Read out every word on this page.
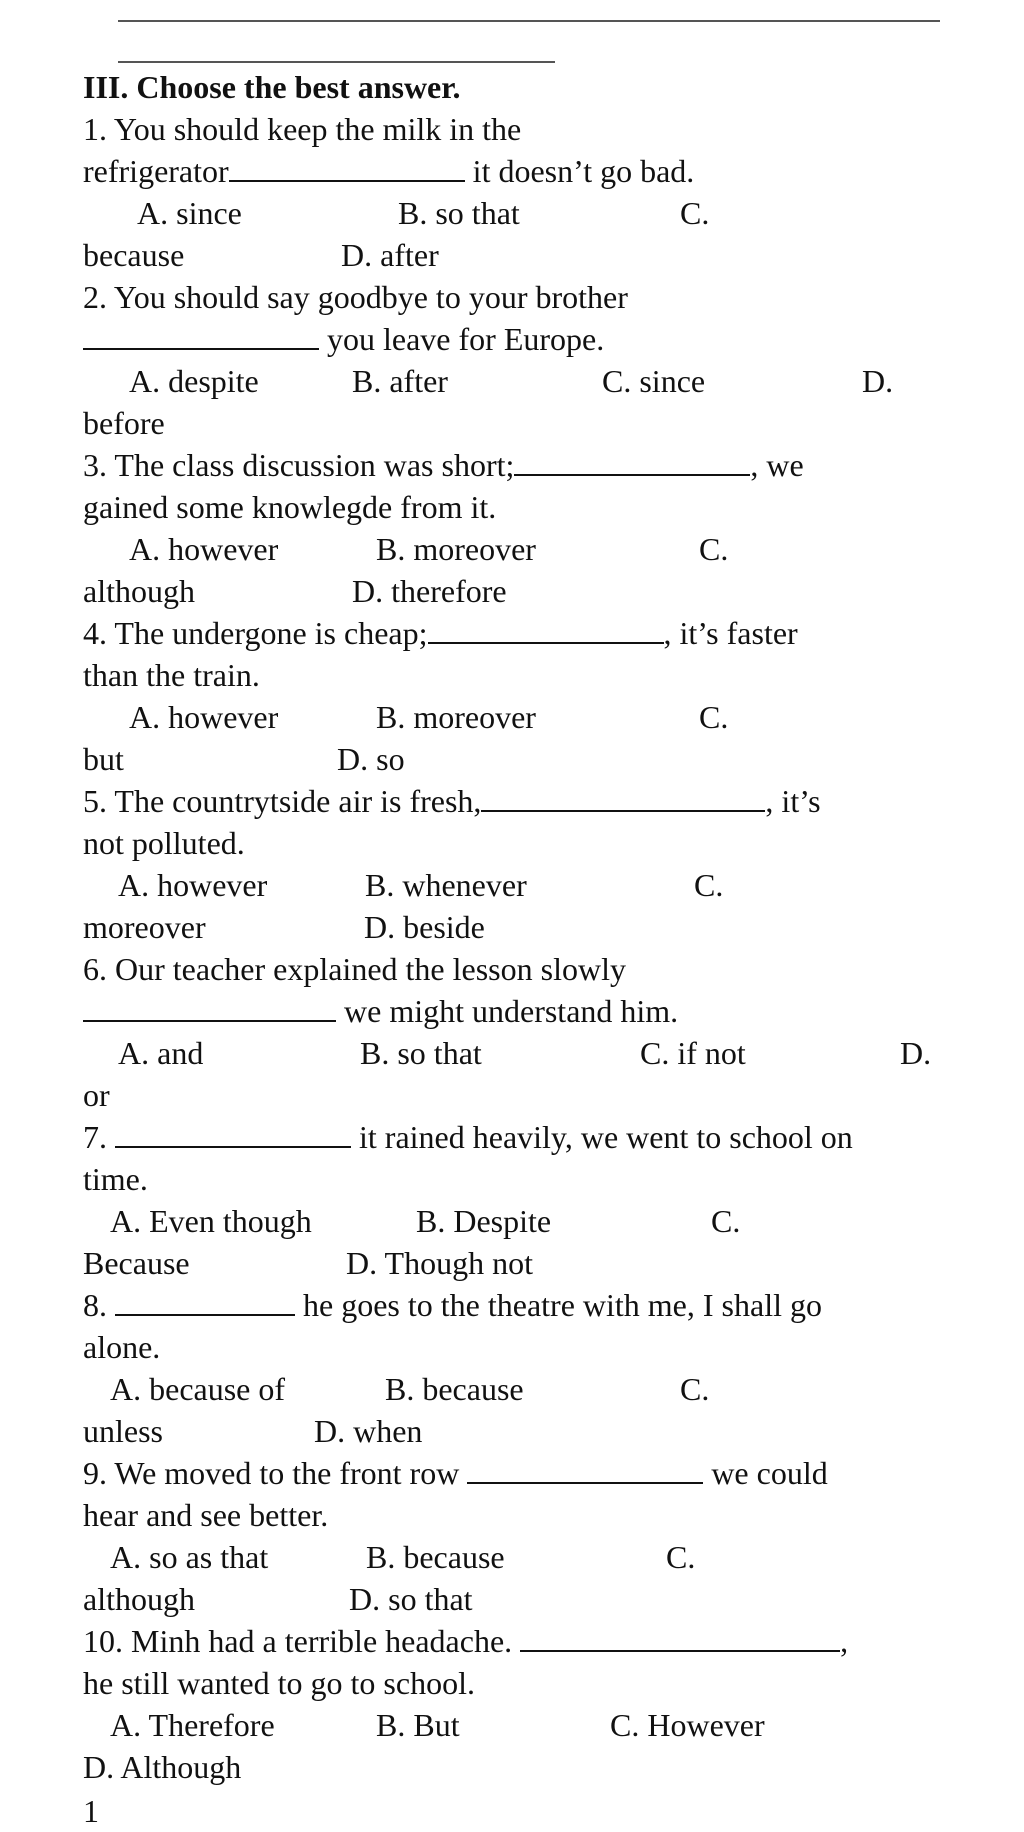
III. Choose the best answer.
1. You should keep the milk in the
refrigerator	it doesn’t go bad.
A. since	B. so that	C.
because	D. after
2. You should say goodbye to your brother
you leave for Europe.
A. despite	B. after	C. since	D.
before
3. The class discussion was short;	, we
gained some knowlegde from it.
A. however	B. moreover	C.
although	D. therefore
4. The undergone is cheap;	, it’s faster
than the train.
A. however	B. moreover	C.
but	D. so
5. The countrytside air is fresh,	, it’s
not polluted.
A. however	B. whenever	C.
moreover	D. beside
6. Our teacher explained the lesson slowly
we might understand him.
A. and	B. so that	C. if not	D.
or
7.	it rained heavily, we went to school on
time.
A. Even though	B. Despite	C.
Because	D. Though not
8.	he goes to the theatre with me, I shall go
alone.
A. because of	B. because	C.
unless	D. when
9. We moved to the front row	we could
hear and see better.
A. so as that	B. because	C.
although	D. so that
10. Minh had a terrible headache.	,
he still wanted to go to school.
A. Therefore	B. But	C. However
D. Although
1
